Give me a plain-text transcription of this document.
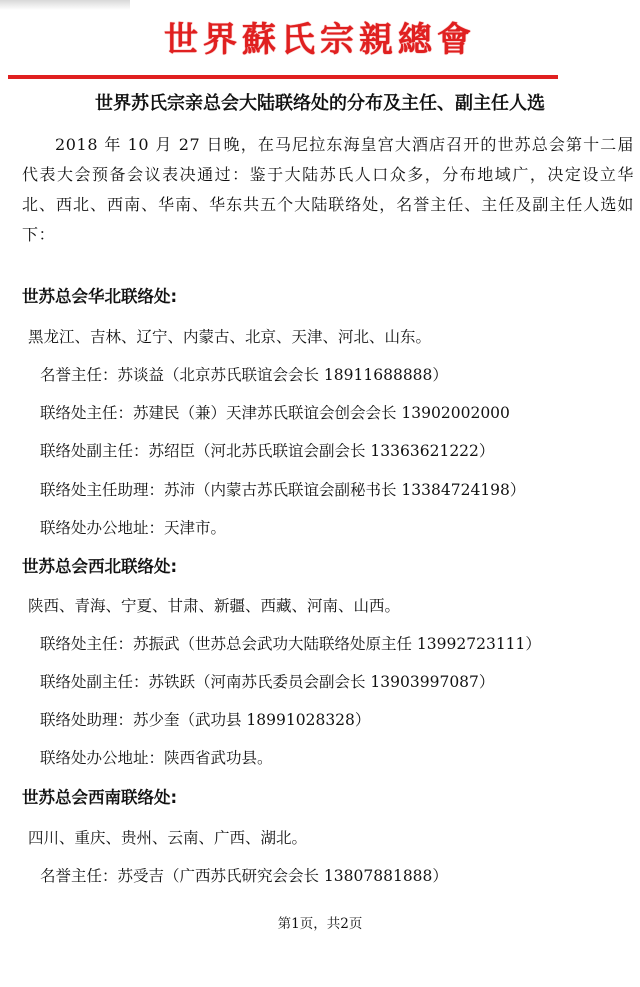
世界蘇氏宗親總會
世界苏氏宗亲总会大陆联络处的分布及主任、副主任人选
2018 年 10 月 27 日晚，在马尼拉东海皇宫大酒店召开的世苏总会第十二届代表大会预备会议表决通过：鉴于大陆苏氏人口众多，分布地域广，决定设立华北、西北、西南、华南、华东共五个大陆联络处，名誉主任、主任及副主任人选如下：
世苏总会华北联络处:
黑龙江、吉林、辽宁、内蒙古、北京、天津、河北、山东。
名誉主任：苏谈益（北京苏氏联谊会会长 18911688888）
联络处主任：苏建民（兼）天津苏氏联谊会创会会长 13902002000
联络处副主任：苏绍臣（河北苏氏联谊会副会长 13363621222）
联络处主任助理：苏沛（内蒙古苏氏联谊会副秘书长 13384724198）
联络处办公地址：天津市。
世苏总会西北联络处:
陕西、青海、宁夏、甘肃、新疆、西藏、河南、山西。
联络处主任：苏振武（世苏总会武功大陆联络处原主任 13992723111）
联络处副主任：苏铁跃（河南苏氏委员会副会长 13903997087）
联络处助理：苏少奎（武功县 18991028328）
联络处办公地址：陕西省武功县。
世苏总会西南联络处:
四川、重庆、贵州、云南、广西、湖北。
名誉主任：苏受吉（广西苏氏研究会会长 13807881888）
第1页，共2页
